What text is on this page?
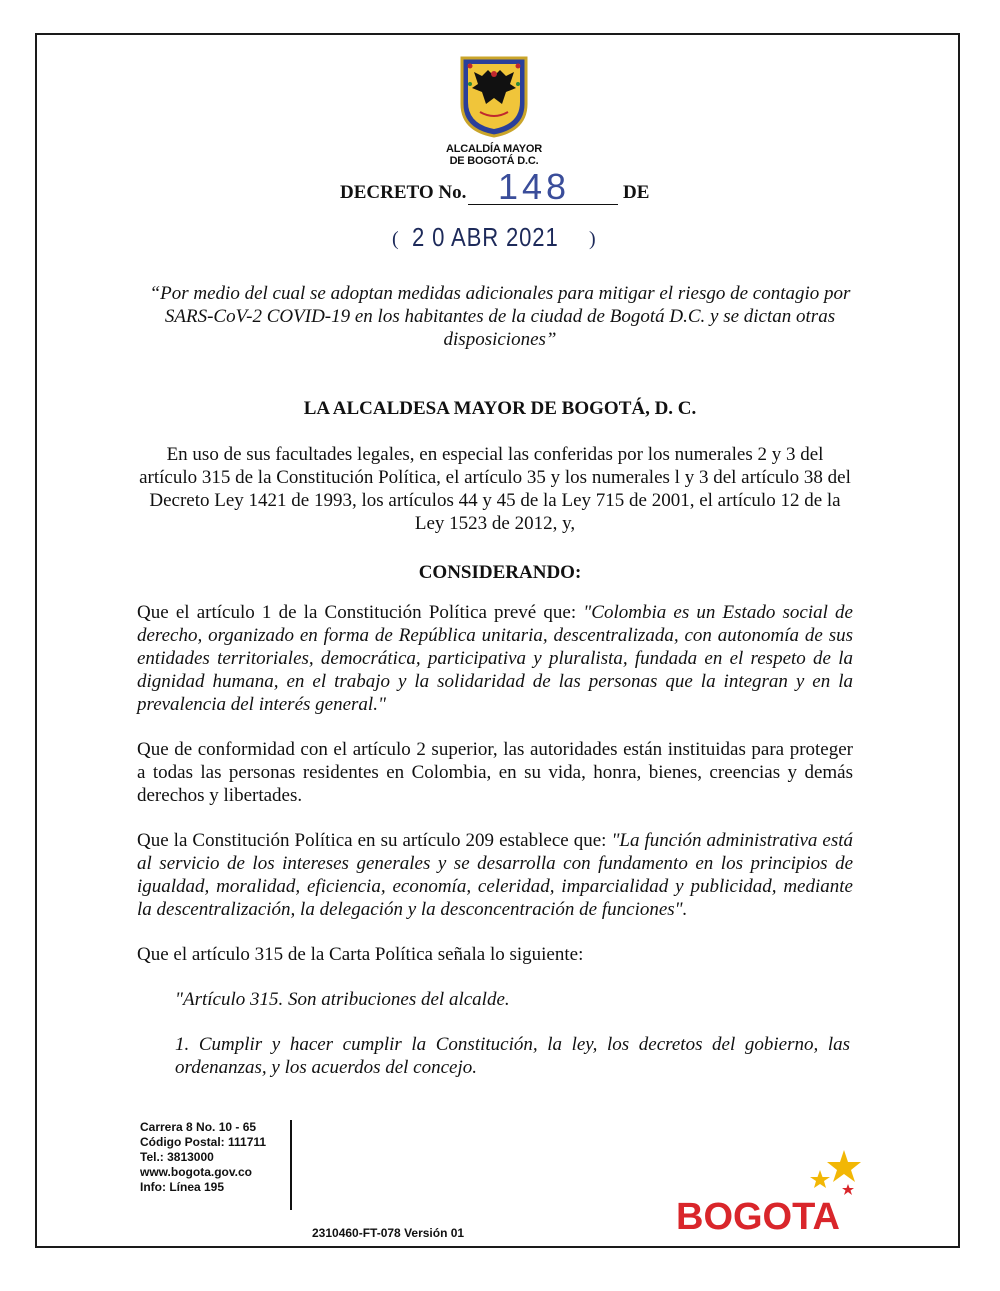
ALCALDÍA MAYOR
DE BOGOTÁ D.C.
DECRETO No. 148	DE
( 2 0 ABR 2021 )
“Por medio del cual se adoptan medidas adicionales para mitigar el riesgo de contagio por SARS-CoV-2 COVID-19 en los habitantes de la ciudad de Bogotá D.C. y se dictan otras disposiciones”
LA ALCALDESA MAYOR DE BOGOTÁ, D. C.
En uso de sus facultades legales, en especial las conferidas por los numerales 2 y 3 del artículo 315 de la Constitución Política, el artículo 35 y los numerales l y 3 del artículo 38 del Decreto Ley 1421 de 1993, los artículos 44 y 45 de la Ley 715 de 2001, el artículo 12 de la Ley 1523 de 2012, y,
CONSIDERANDO:
Que el artículo 1 de la Constitución Política prevé que: "Colombia es un Estado social de derecho, organizado en forma de República unitaria, descentralizada, con autonomía de sus entidades territoriales, democrática, participativa y pluralista, fundada en el respeto de la dignidad humana, en el trabajo y la solidaridad de las personas que la integran y en la prevalencia del interés general."
Que de conformidad con el artículo 2 superior, las autoridades están instituidas para proteger a todas las personas residentes en Colombia, en su vida, honra, bienes, creencias y demás derechos y libertades.
Que la Constitución Política en su artículo 209 establece que: "La función administrativa está al servicio de los intereses generales y se desarrolla con fundamento en los principios de igualdad, moralidad, eficiencia, economía, celeridad, imparcialidad y publicidad, mediante la descentralización, la delegación y la desconcentración de funciones".
Que el artículo 315 de la Carta Política señala lo siguiente:
"Artículo 315. Son atribuciones del alcalde.
1. Cumplir y hacer cumplir la Constitución, la ley, los decretos del gobierno, las ordenanzas, y los acuerdos del concejo.
Carrera 8 No. 10 - 65
Código Postal: 111711
Tel.: 3813000
www.bogota.gov.co
Info: Línea 195
2310460-FT-078 Versión 01	BOGOTA
